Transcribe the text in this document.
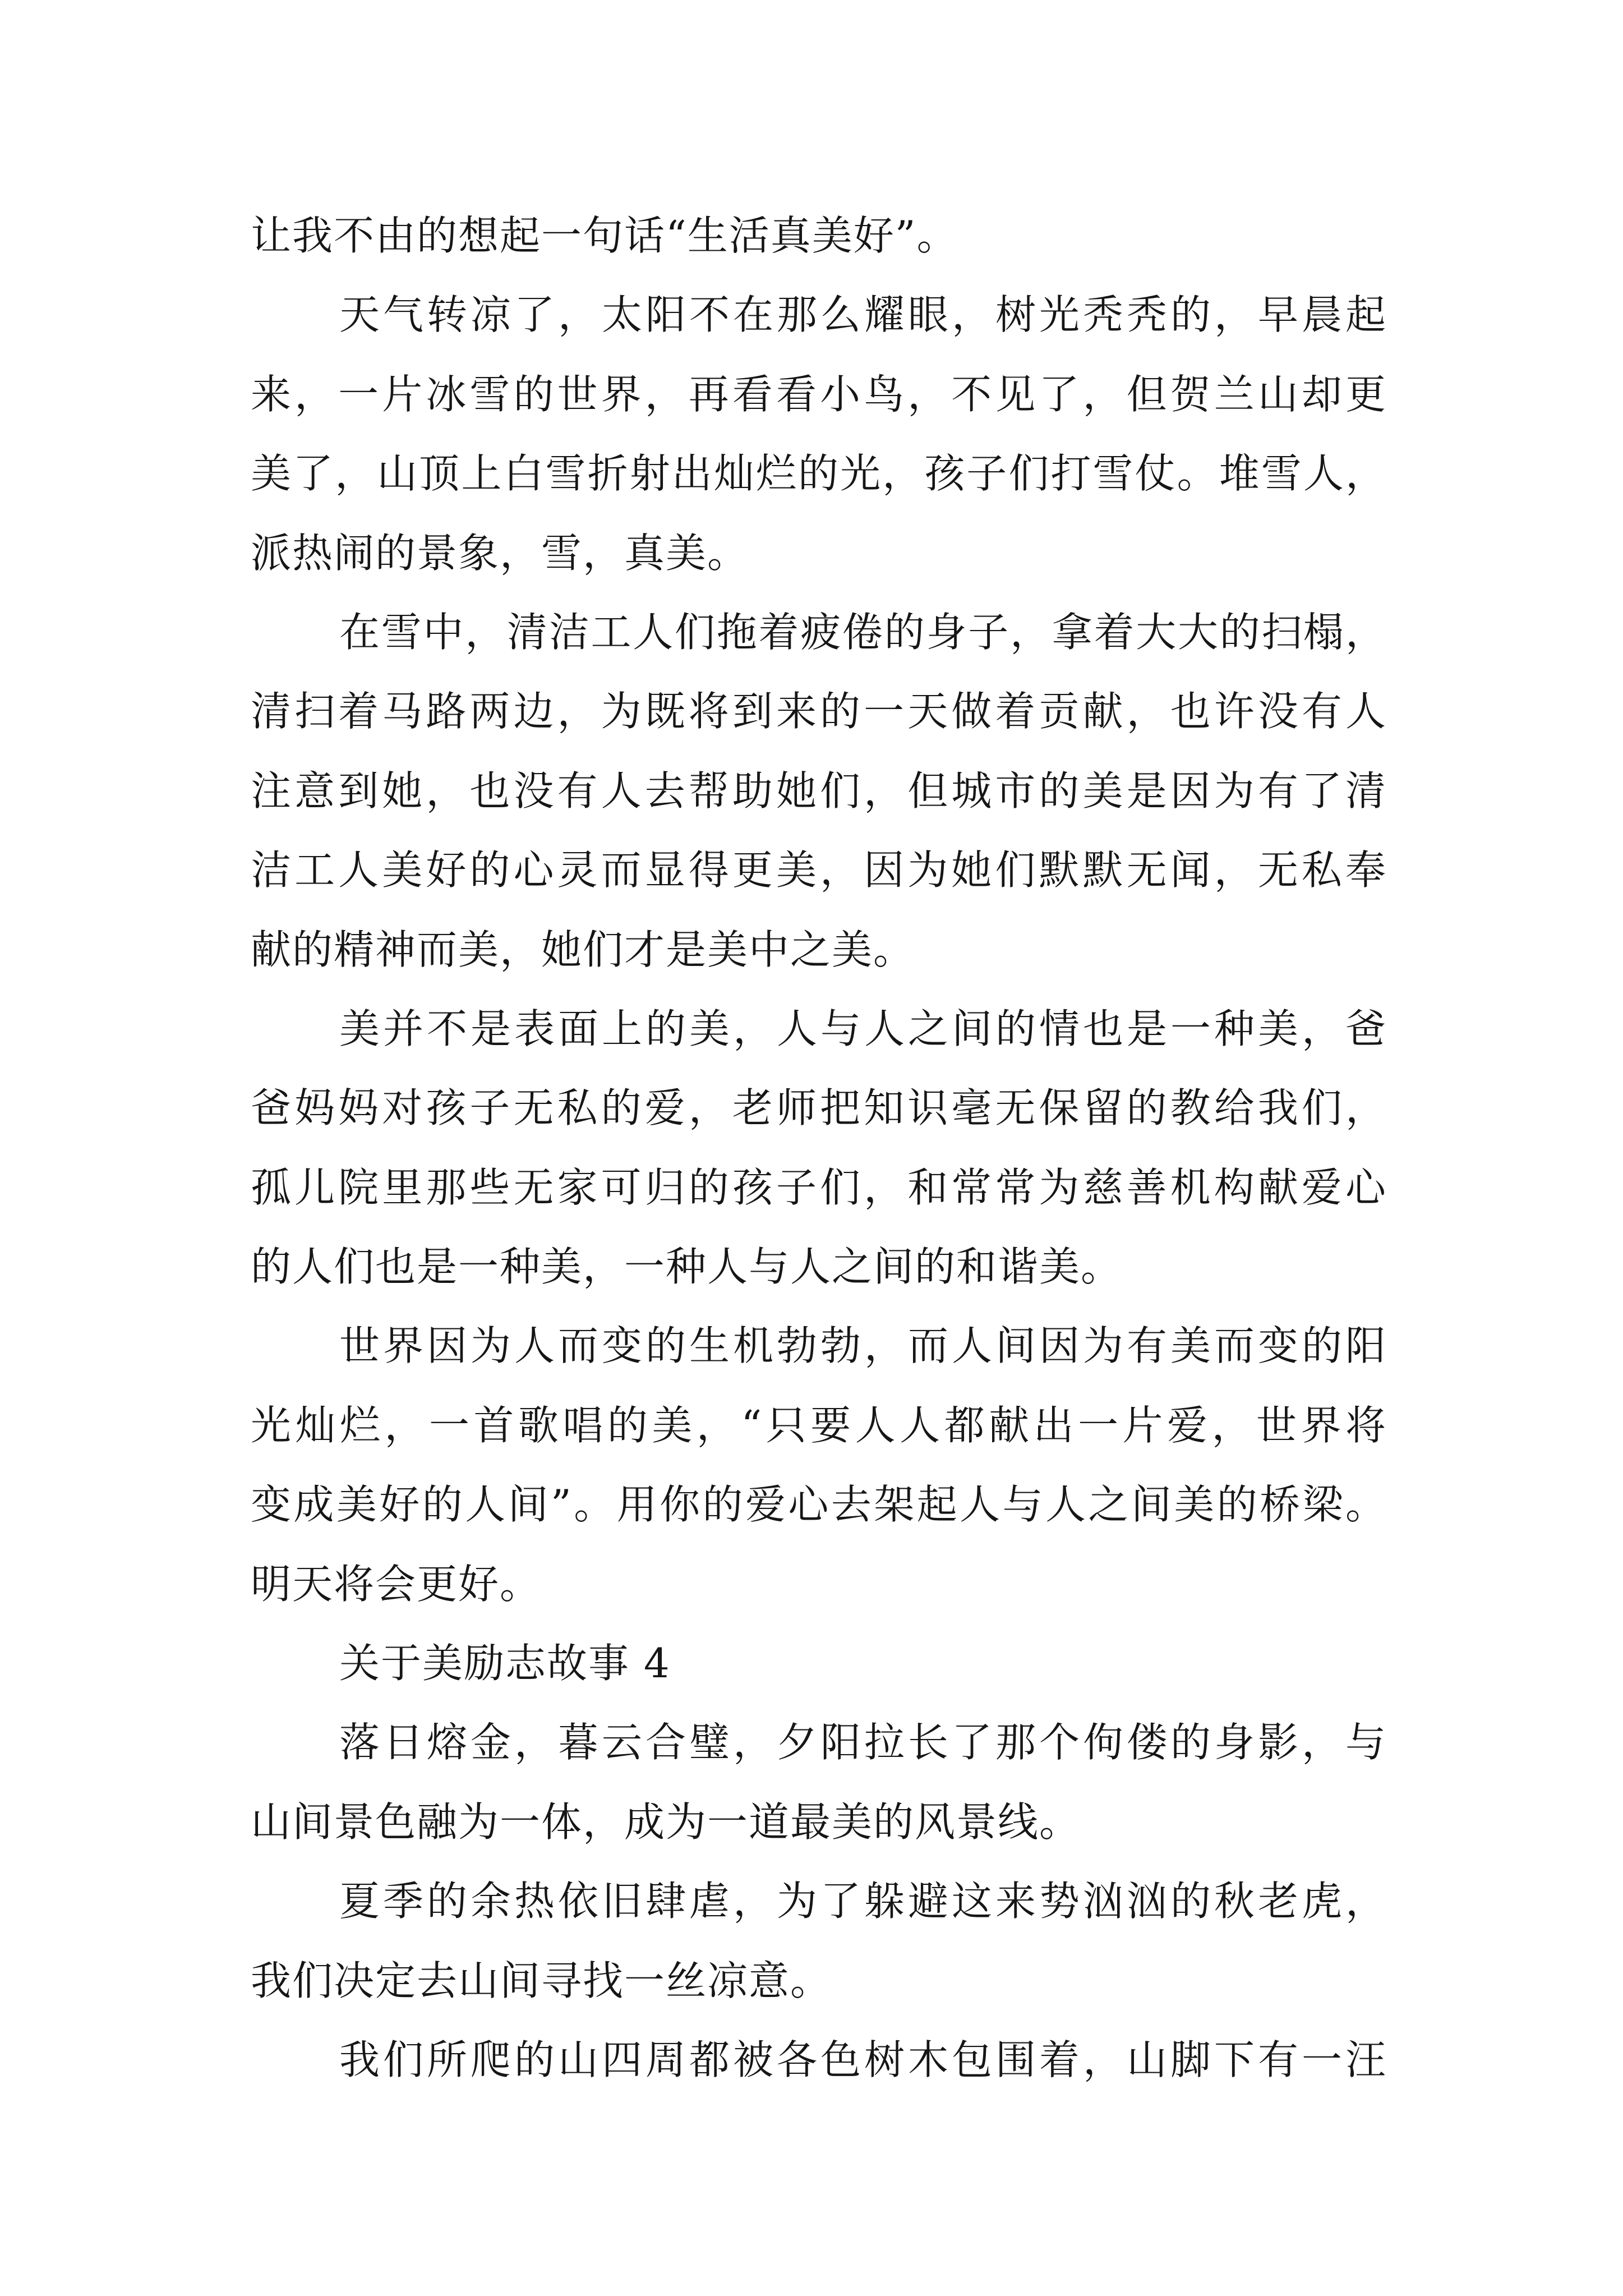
让我不由的想起一句话“生活真美好”。
天气转凉了，太阳不在那么耀眼，树光秃秃的，早晨起
来，一片冰雪的世界，再看看小鸟，不见了，但贺兰山却更
美了，山顶上白雪折射出灿烂的光，孩子们打雪仗。堆雪人，
派热闹的景象，雪，真美。
在雪中，清洁工人们拖着疲倦的身子，拿着大大的扫榻，
清扫着马路两边，为既将到来的一天做着贡献，也许没有人
注意到她，也没有人去帮助她们，但城市的美是因为有了清
洁工人美好的心灵而显得更美，因为她们默默无闻，无私奉
献的精神而美，她们才是美中之美。
美并不是表面上的美，人与人之间的情也是一种美，爸
爸妈妈对孩子无私的爱，老师把知识毫无保留的教给我们，
孤儿院里那些无家可归的孩子们，和常常为慈善机构献爱心
的人们也是一种美，一种人与人之间的和谐美。
世界因为人而变的生机勃勃，而人间因为有美而变的阳
光灿烂，一首歌唱的美，“只要人人都献出一片爱，世界将
变成美好的人间”。用你的爱心去架起人与人之间美的桥梁。
明天将会更好。
关于美励志故事 4
落日熔金，暮云合璧，夕阳拉长了那个佝偻的身影，与
山间景色融为一体，成为一道最美的风景线。
夏季的余热依旧肆虐，为了躲避这来势汹汹的秋老虎，
我们决定去山间寻找一丝凉意。
我们所爬的山四周都被各色树木包围着，山脚下有一汪
